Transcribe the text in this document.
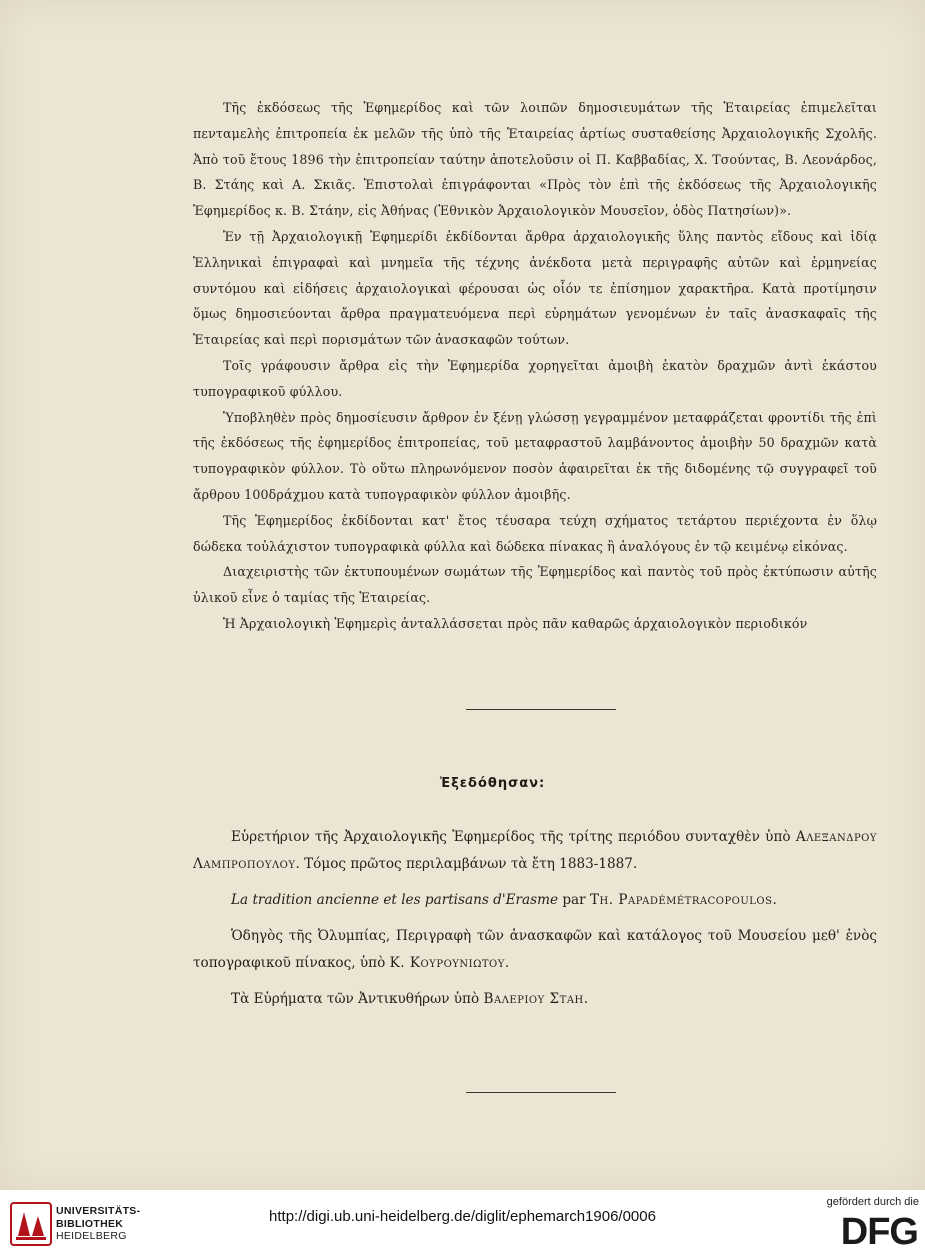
Τῆς ἐκδόσεως τῆς Ἐφημερίδος καὶ τῶν λοιπῶν δημοσιευμάτων τῆς Ἑταιρείας ἐπιμελεῖται πενταμελὴς ἐπιτροπεία ἐκ μελῶν τῆς ὑπὸ τῆς Ἑταιρείας ἀρτίως συσταθείσης Ἀρχαιολογικῆς Σχολῆς. Ἀπὸ τοῦ ἔτους 1896 τὴν ἐπιτροπείαν ταύτην ἀποτελοῦσιν οἱ Π. Καββαδίας, Χ. Τσούντας, Β. Λεονάρδος, Β. Στάης καὶ Α. Σκιᾶς. Ἐπιστολαὶ ἐπιγράφονται «Πρὸς τὸν ἐπὶ τῆς ἐκδόσεως τῆς Ἀρχαιολογικῆς Ἐφημερίδος κ. Β. Στάην, εἰς Ἀθήνας (Ἐθνικὸν Ἀρχαιολογικὸν Μουσεῖον, ὁδὸς Πατησίων)».

Ἐν τῇ Ἀρχαιολογικῇ Ἐφημερίδι ἐκδίδονται ἄρθρα ἀρχαιολογικῆς ὕλης παντὸς εἴδους καὶ ἰδίᾳ Ἑλληνικαὶ ἐπιγραφαὶ καὶ μνημεῖα τῆς τέχνης ἀνέκδοτα μετὰ περιγραφῆς αὐτῶν καὶ ἑρμηνείας συντόμου καὶ εἰδήσεις ἀρχαιολογικαὶ φέρουσαι ὡς οἷόν τε ἐπίσημον χαρακτῆρα. Κατὰ προτίμησιν ὅμως δημοσιεύονται ἄρθρα πραγματευόμενα περὶ εὑρημάτων γενομένων ἐν ταῖς ἀνασκαφαῖς τῆς Ἑταιρείας καὶ περὶ πορισμάτων τῶν ἀνασκαφῶν τούτων.

Τοῖς γράφουσιν ἄρθρα εἰς τὴν Ἐφημερίδα χορηγεῖται ἀμοιβὴ ἑκατὸν δραχμῶν ἀντὶ ἑκάστου τυπογραφικοῦ φύλλου.

Ὑποβληθὲν πρὸς δημοσίευσιν ἄρθρον ἐν ξένῃ γλώσσῃ γεγραμμένον μεταφράζεται φροντίδι τῆς ἐπὶ τῆς ἐκδόσεως τῆς ἐφημερίδος ἐπιτροπείας, τοῦ μεταφραστοῦ λαμβάνοντος ἀμοιβὴν 50 δραχμῶν κατὰ τυπογραφικὸν φύλλον. Τὸ οὕτω πληρωνόμενον ποσὸν ἀφαιρεῖται ἐκ τῆς διδομένης τῷ συγγραφεῖ τοῦ ἄρθρου 100δράχμου κατὰ τυπογραφικὸν φύλλον ἀμοιβῆς.

Τῆς Ἐφημερίδος ἐκδίδονται κατ' ἔτος τέυσαρα τεύχη σχήματος τετάρτου περιέχοντα ἐν ὅλῳ δώδεκα τοὐλάχιστον τυπογραφικὰ φύλλα καὶ δώδεκα πίνακας ἢ ἀναλόγους ἐν τῷ κειμένῳ εἰκόνας.

Διαχειριστὴς τῶν ἐκτυπουμένων σωμάτων τῆς Ἐφημερίδος καὶ παντὸς τοῦ πρὸς ἐκτύπωσιν αὐτῆς ὑλικοῦ εἶνε ὁ ταμίας τῆς Ἑταιρείας.

Ἡ Ἀρχαιολογικὴ Ἐφημερὶς ἀνταλλάσσεται πρὸς πᾶν καθαρῶς ἀρχαιολογικὸν περιοδικόν

Ἐξεδόθησαν:

Εὑρετήριον τῆς Ἀρχαιολογικῆς Ἐφημερίδος τῆς τρίτης περιόδου συνταχθὲν ὑπὸ Αλεξανδρου Λαμπροπουλου. Τόμος πρῶτος περιλαμβάνων τὰ ἔτη 1883-1887.

La tradition ancienne et les partisans d'Erasme par Th. Papadémétracopoulos.

Ὁδηγὸς τῆς Ὀλυμπίας, Περιγραφὴ τῶν ἀνασκαφῶν καὶ κατάλογος τοῦ Μουσείου μεθ' ἑνὸς τοπογραφικοῦ πίνακος, ὑπὸ Κ. Κουρουνιωτου.

Τὰ Εὑρήματα τῶν Ἀντικυθήρων ὑπὸ Βαλεριου Σταη.

UNIVERSITÄTS-
BIBLIOTHEK
HEIDELBERG
http://digi.ub.uni-heidelberg.de/diglit/ephemarch1906/0006
gefördert durch die
DFG
